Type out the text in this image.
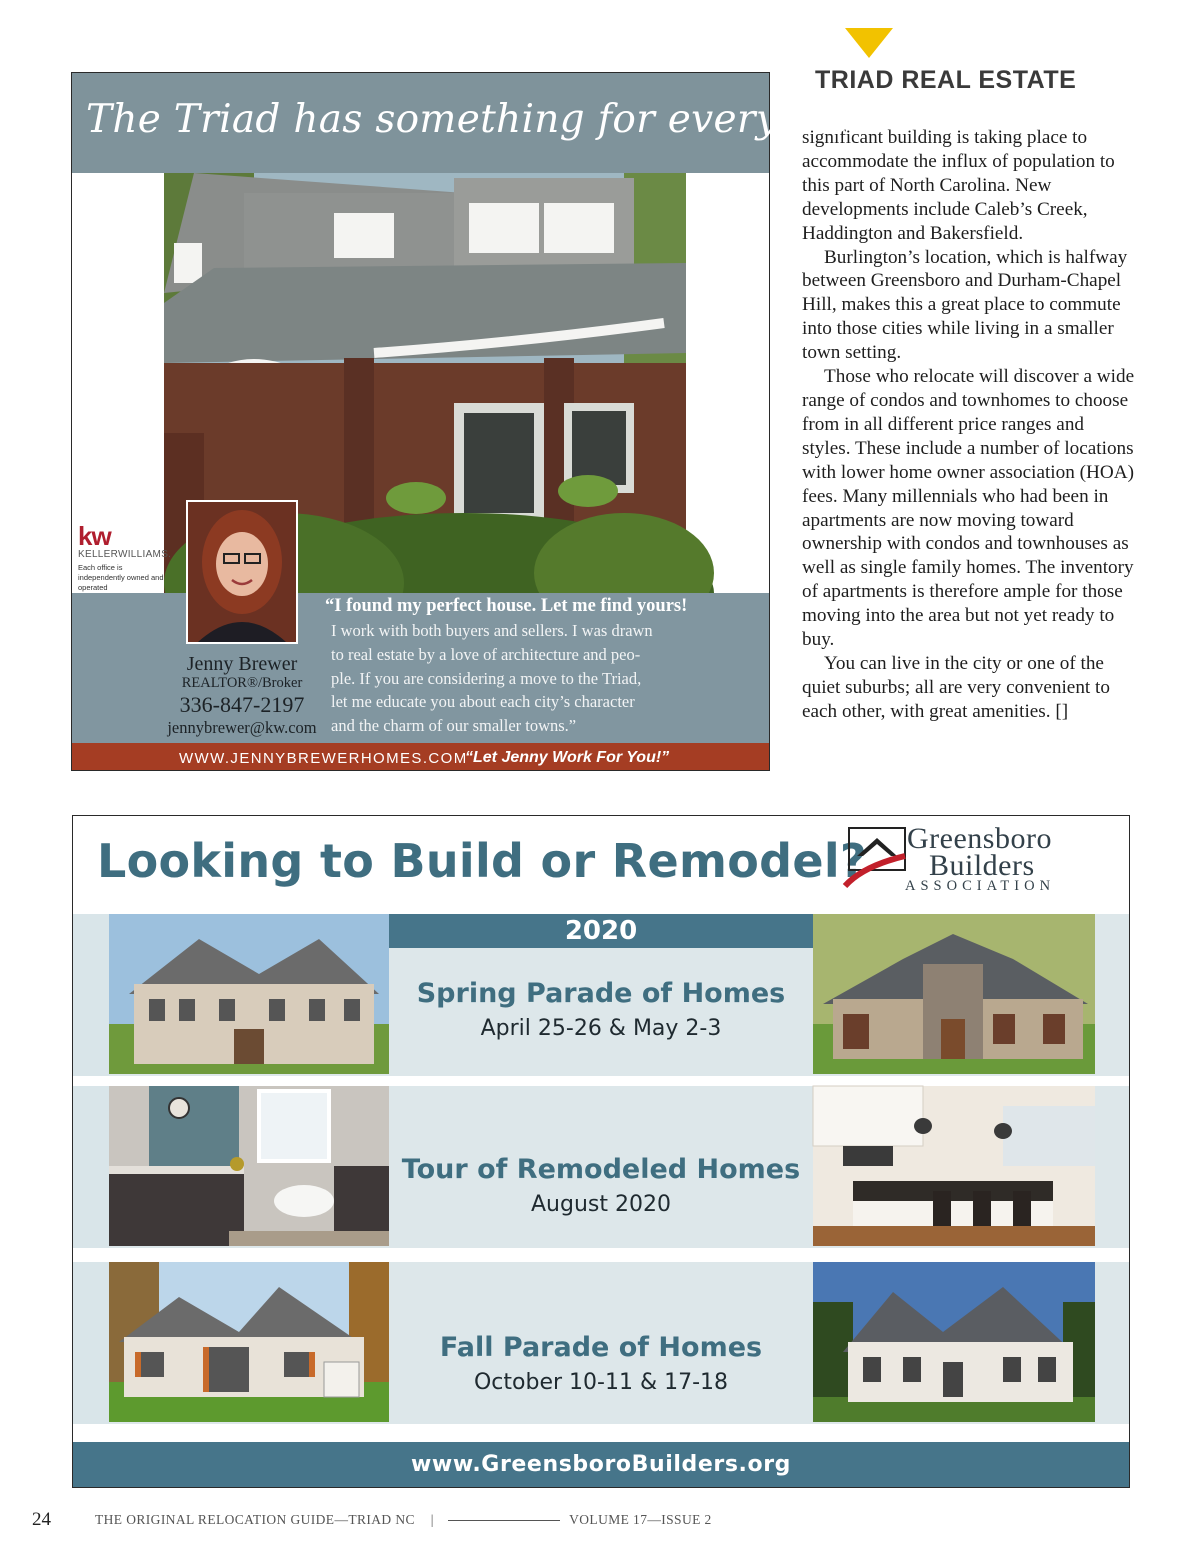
TRIAD REAL ESTATE

significant building is taking place to accommodate the influx of population to this part of North Carolina. New developments include Caleb’s Creek, Haddington and Bakersfield.

Burlington’s location, which is halfway between Greensboro and Durham-Chapel Hill, makes this a great place to commute into those cities while living in a smaller town setting.

Those who relocate will discover a wide range of condos and townhomes to choose from in all different price ranges and styles. These include a number of locations with lower home owner association (HOA) fees. Many millennials who had been in apartments are now moving toward ownership with condos and townhouses as well as single family homes. The inventory of apartments is therefore ample for those moving into the area but not yet ready to buy.

You can live in the city or one of the quiet suburbs; all are very convenient to each other, with great amenities. []

The Triad has something for everyone!
kw
KELLERWILLIAMS.
Each office is independently owned and operated
Jenny Brewer
REALTOR®/Broker
336-847-2197
jennybrewer@kw.com
“I found my perfect house. Let me find yours!
I work with both buyers and sellers. I was drawn
to real estate by a love of architecture and peo-
ple. If you are considering a move to the Triad,
let me educate you about each city’s character
and the charm of our smaller towns.”
WWW.JENNYBREWERHOMES.COM
“Let Jenny Work For You!”
Looking to Build or Remodel? Greensboro
Builders
ASSOCIATION
2020
Spring Parade of Homes
April 25-26 & May 2-3
Tour of Remodeled Homes
August 2020
Fall Parade of Homes
October 10-11 & 17-18
www.GreensboroBuilders.org
24	THE ORIGINAL RELOCATION GUIDE—TRIAD NC |	VOLUME 17—ISSUE 2
